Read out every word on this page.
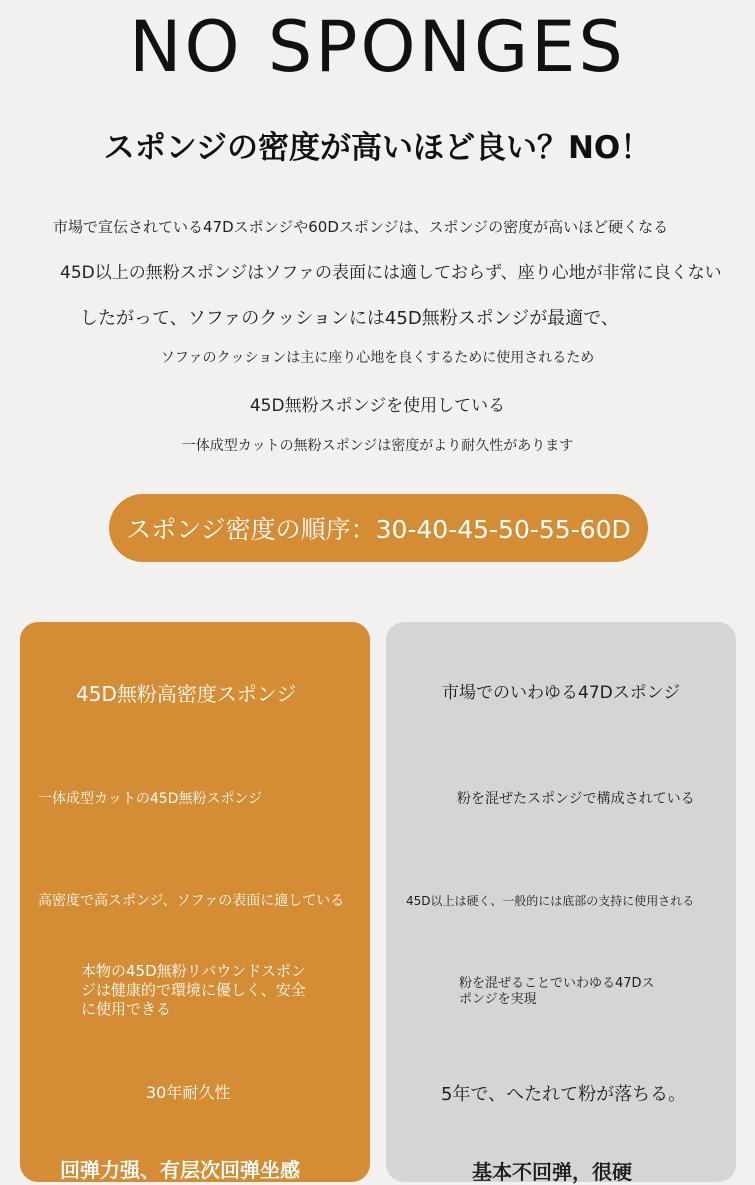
NO SPONGES
スポンジの密度が高いほど良い？NO！
市場で宣伝されている47Dスポンジや60Dスポンジは、スポンジの密度が高いほど硬くなる
45D以上の無粉スポンジはソファの表面には適しておらず、座り心地が非常に良くない
したがって、ソファのクッションには45D無粉スポンジが最適で、
ソファのクッションは主に座り心地を良くするために使用されるため
45D無粉スポンジを使用している
一体成型カットの無粉スポンジは密度がより耐久性があります
スポンジ密度の順序：30-40-45-50-55-60D
45D無粉高密度スポンジ
一体成型カットの45D無粉スポンジ
高密度で高スポンジ、ソファの表面に適している
本物の45D無粉リバウンドスポンジは健康的で環境に優しく、安全に使用できる
30年耐久性
回弹力强、有层次回弹坐感
市場でのいわゆる47Dスポンジ
粉を混ぜたスポンジで構成されている
45D以上は硬く、一般的には底部の支持に使用される
粉を混ぜることでいわゆる47Dスポンジを実現
5年で、へたれて粉が落ちる。
基本不回弹，很硬
